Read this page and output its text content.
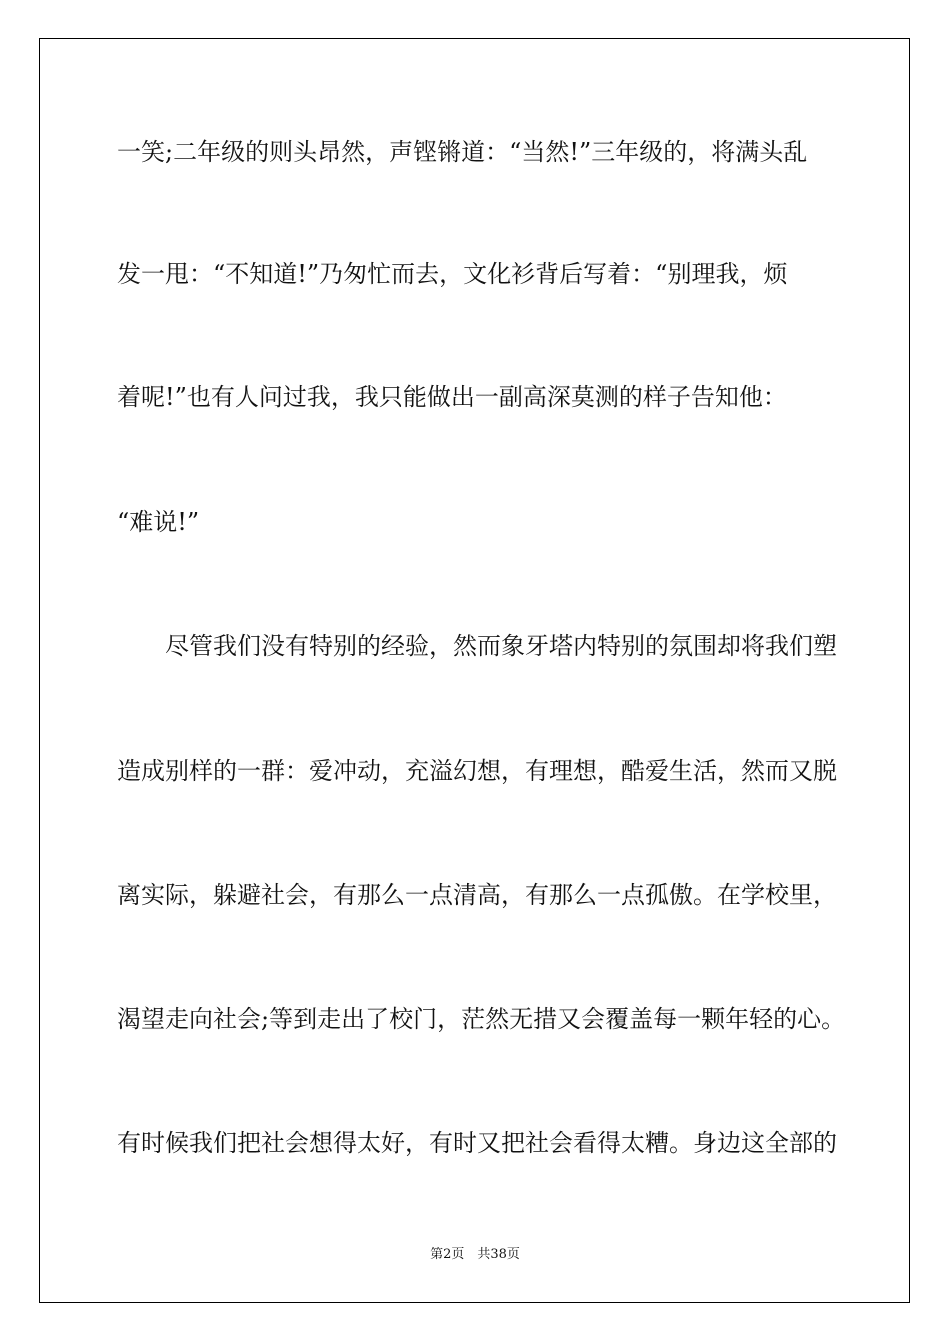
一笑;二年级的则头昂然，声铿锵道：“当然!”三年级的，将满头乱
发一甩：“不知道!”乃匆忙而去，文化衫背后写着：“别理我，烦
着呢!”也有人问过我，我只能做出一副高深莫测的样子告知他：
“难说!”
　　尽管我们没有特别的经验，然而象牙塔内特别的氛围却将我们塑
造成别样的一群：爱冲动，充溢幻想，有理想，酷爱生活，然而又脱
离实际，躲避社会，有那么一点清高，有那么一点孤傲。在学校里，
渴望走向社会;等到走出了校门，茫然无措又会覆盖每一颗年轻的心。
有时候我们把社会想得太好，有时又把社会看得太糟。身边这全部的
第2页　共38页
